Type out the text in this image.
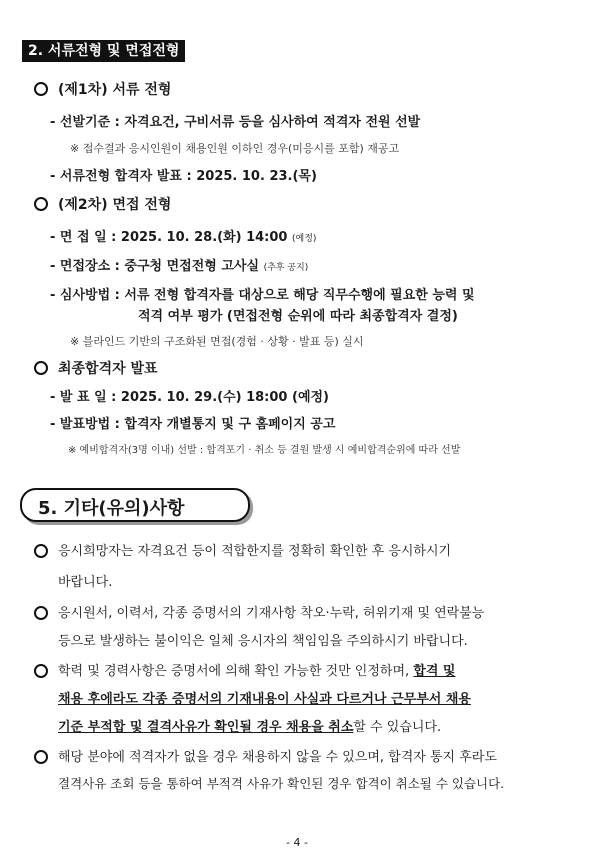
2. 서류전형 및 면접전형
(제1차) 서류 전형
- 선발기준 : 자격요건, 구비서류 등을 심사하여 적격자 전원 선발
※ 접수결과 응시인원이 채용인원 이하인 경우(미응시를 포함) 재공고
- 서류전형 합격자 발표 : 2025. 10. 23.(목)
(제2차) 면접 전형
- 면 접 일 : 2025. 10. 28.(화) 14:00 (예정)
- 면접장소 : 중구청 면접전형 고사실 (추후 공지)
- 심사방법 : 서류 전형 합격자를 대상으로 해당 직무수행에 필요한 능력 및
적격 여부 평가 (면접전형 순위에 따라 최종합격자 결정)
※ 블라인드 기반의 구조화된 면접(경험 · 상황 · 발표 등) 실시
최종합격자 발표
- 발 표 일 : 2025. 10. 29.(수) 18:00 (예정)
- 발표방법 : 합격자 개별통지 및 구 홈페이지 공고
※ 예비합격자(3명 이내) 선발 : 합격포기 · 취소 등 결원 발생 시 예비합격순위에 따라 선발
5. 기타(유의)사항
응시희망자는 자격요건 등이 적합한지를 정확히 확인한 후 응시하시기
바랍니다.
응시원서, 이력서, 각종 증명서의 기재사항 착오·누락, 허위기재 및 연락불능
등으로 발생하는 불이익은 일체 응시자의 책임임을 주의하시기 바랍니다.
학력 및 경력사항은 증명서에 의해 확인 가능한 것만 인정하며, 합격 및
채용 후에라도 각종 증명서의 기재내용이 사실과 다르거나 근무부서 채용
기준 부적합 및 결격사유가 확인될 경우 채용을 취소할 수 있습니다.
해당 분야에 적격자가 없을 경우 채용하지 않을 수 있으며, 합격자 통지 후라도
결격사유 조회 등을 통하여 부적격 사유가 확인된 경우 합격이 취소될 수 있습니다.
- 4 -
